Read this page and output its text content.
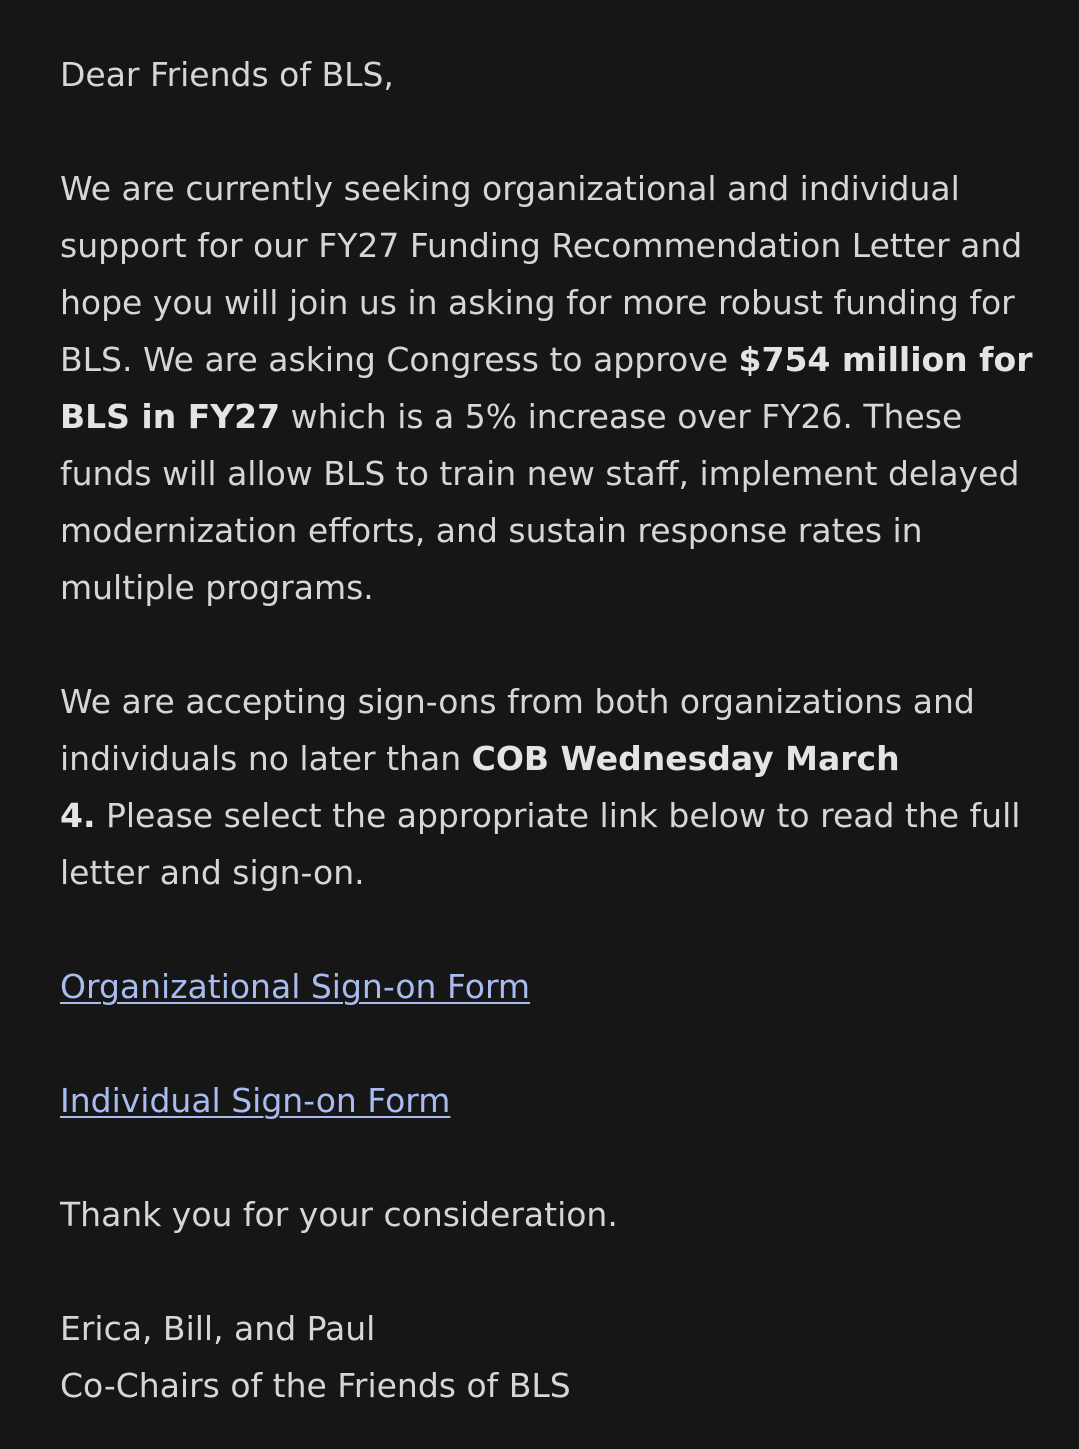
Dear Friends of BLS,

We are currently seeking organizational and individual support for our FY27 Funding Recommendation Letter and hope you will join us in asking for more robust funding for BLS. We are asking Congress to approve $754 million for BLS in FY27 which is a 5% increase over FY26. These funds will allow BLS to train new staff, implement delayed modernization efforts, and sustain response rates in multiple programs.

We are accepting sign-ons from both organizations and individuals no later than COB Wednesday March
4. Please select the appropriate link below to read the full letter and sign-on.

Organizational Sign-on Form

Individual Sign-on Form

Thank you for your consideration.

Erica, Bill, and Paul

Co-Chairs of the Friends of BLS
